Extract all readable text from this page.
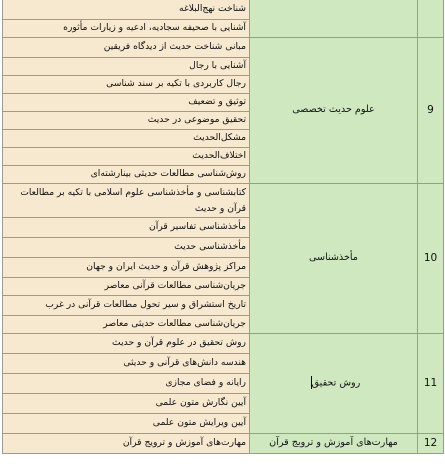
		شناخت نهج‌البلاغه
		آشنایی با صحیفه سجادیه، ادعیه و زیارات مأثوره
9	علوم حدیث تخصصی	مبانی شناخت حدیث از دیدگاه فریقین
		آشنایی با رجال
		رجال کاربردی با تکیه بر سند شناسی
		توثیق و تضعیف
		تحقیق موضوعی در حدیث
		مشکل‌الحدیث
		اختلاف‌الحدیث
		روش‌شناسی مطالعات حدیثی بینارشته‌ای
10	مأخذشناسی	کتابشناسی و مأخذشناسی علوم اسلامی با تکیه بر مطالعات قرآن و حدیث
		مأخذشناسی تفاسیر قرآن
		مأخذشناسی حدیث
		مراکز پژوهش قرآن و حدیث ایران و جهان
		جریان‌شناسی مطالعات قرآنی معاصر
		تاریخ استشراق و سیر تحول مطالعات قرآنی در غرب
		جریان‌شناسی مطالعات حدیثی معاصر
11	روش تحقیق	روش تحقیق در علوم قرآن و حدیث
		هندسه دانش‌های قرآنی و حدیثی
		رایانه و فضای مجازی
		آیین نگارش متون علمی
		آیین ویرایش متون علمی
12	مهارت‌های آموزش و ترویج قرآن	مهارت‌های آموزش و ترویج قرآن
